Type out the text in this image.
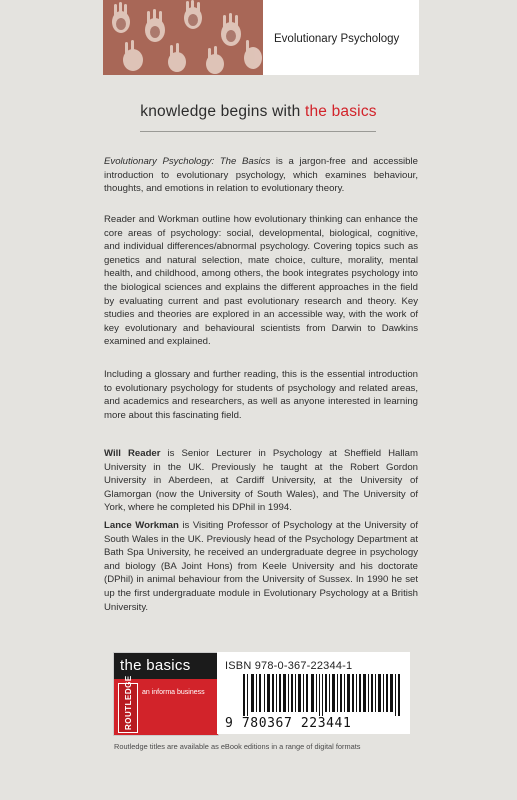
Evolutionary Psychology
knowledge begins with the basics

Evolutionary Psychology: The Basics is a jargon-free and accessible introduction to evolutionary psychology, which examines behaviour, thoughts, and emotions in relation to evolutionary theory.

Reader and Workman outline how evolutionary thinking can enhance the core areas of psychology: social, developmental, biological, cognitive, and individual differences/abnormal psychology. Covering topics such as genetics and natural selection, mate choice, culture, morality, mental health, and childhood, among others, the book integrates psychology into the biological sciences and explains the different approaches in the field by evaluating current and past evolutionary research and theory. Key studies and theories are explored in an accessible way, with the work of key evolutionary and behavioural scientists from Darwin to Dawkins examined and explained.

Including a glossary and further reading, this is the essential introduction to evolutionary psychology for students of psychology and related areas, and academics and researchers, as well as anyone interested in learning more about this fascinating field.

Will Reader is Senior Lecturer in Psychology at Sheffield Hallam University in the UK. Previously he taught at the Robert Gordon University in Aberdeen, at Cardiff University, at the University of Glamorgan (now the University of South Wales), and The University of York, where he completed his DPhil in 1994.

Lance Workman is Visiting Professor of Psychology at the University of South Wales in the UK. Previously head of the Psychology Department at Bath Spa University, he received an undergraduate degree in psychology and biology (BA Joint Hons) from Keele University and his doctorate (DPhil) in animal behaviour from the University of Sussex. In 1990 he set up the first undergraduate module in Evolutionary Psychology at a British University.

the basics
ROUTLEDGE an informa business
ISBN 978-0-367-22344-1
9 780367 223441
Routledge titles are available as eBook editions in a range of digital formats
